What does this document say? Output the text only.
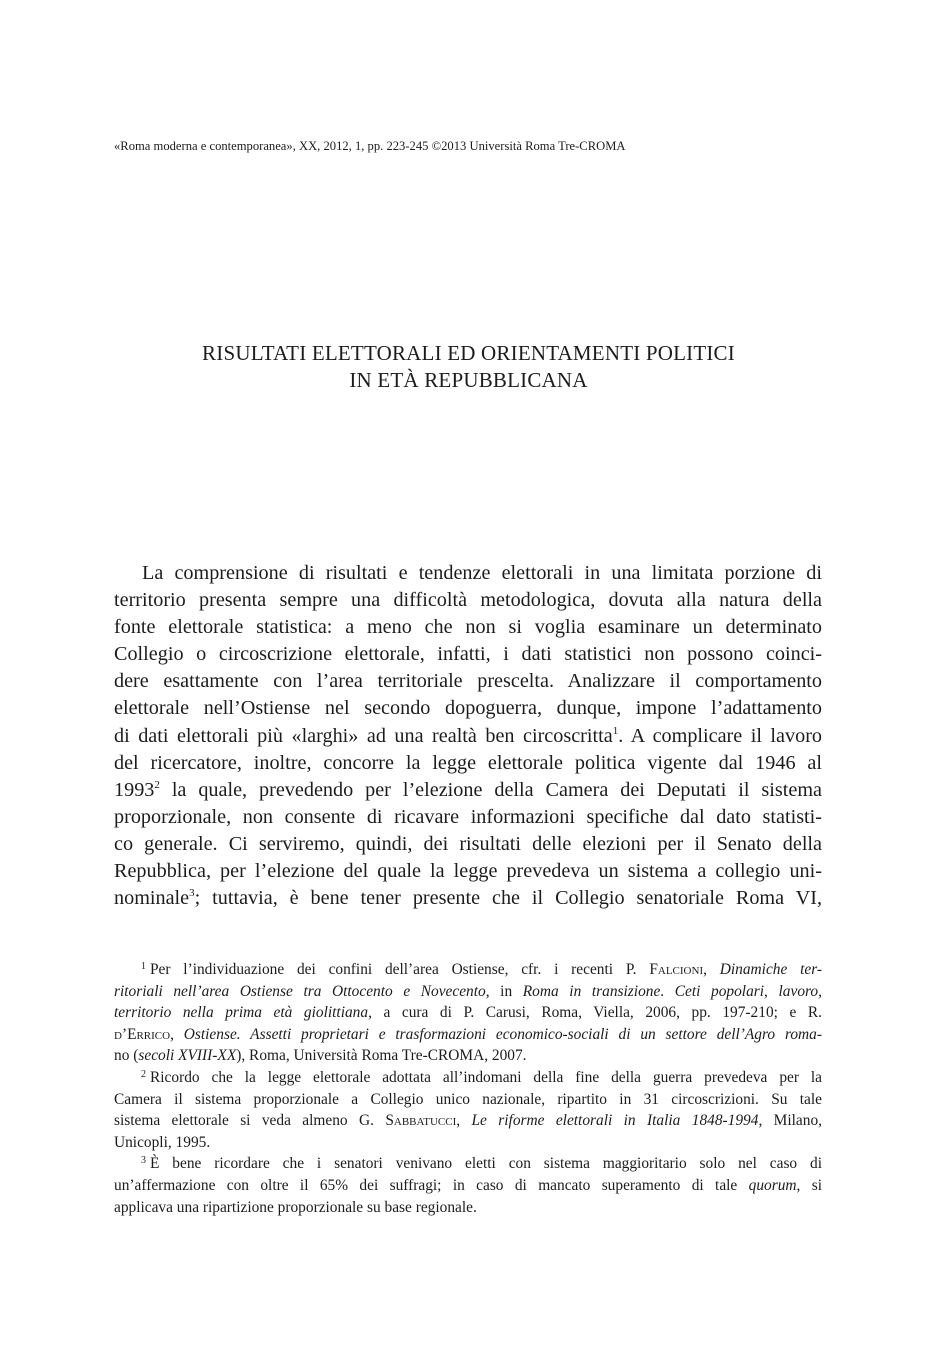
«Roma moderna e contemporanea», XX, 2012, 1, pp. 223-245 ©2013 Università Roma Tre-CROMA
RISULTATI ELETTORALI ED ORIENTAMENTI POLITICI
IN ETÀ REPUBBLICANA
La comprensione di risultati e tendenze elettorali in una limitata porzione di
territorio presenta sempre una difficoltà metodologica, dovuta alla natura della
fonte elettorale statistica: a meno che non si voglia esaminare un determinato
Collegio o circoscrizione elettorale, infatti, i dati statistici non possono coinci-
dere esattamente con l’area territoriale prescelta. Analizzare il comportamento
elettorale nell’Ostiense nel secondo dopoguerra, dunque, impone l’adattamento
di dati elettorali più «larghi» ad una realtà ben circoscritta$^1$. A complicare il lavoro
del ricercatore, inoltre, concorre la legge elettorale politica vigente dal 1946 al
1993$^2$ la quale, prevedendo per l’elezione della Camera dei Deputati il sistema
proporzionale, non consente di ricavare informazioni specifiche dal dato statisti-
co generale. Ci serviremo, quindi, dei risultati delle elezioni per il Senato della
Repubblica, per l’elezione del quale la legge prevedeva un sistema a collegio uni-
nominale$^3$; tuttavia, è bene tener presente che il Collegio senatoriale Roma VI,
$^1$ Per l’individuazione dei confini dell’area Ostiense, cfr. i recenti P. Falcioni, Dinamiche ter-
ritoriali nell’area Ostiense tra Ottocento e Novecento, in Roma in transizione. Ceti popolari, lavoro,
territorio nella prima età giolittiana, a cura di P. Carusi, Roma, Viella, 2006, pp. 197-210; e R.
d’Errico, Ostiense. Assetti proprietari e trasformazioni economico-sociali di un settore dell’Agro roma-
no (secoli XVIII-XX), Roma, Università Roma Tre-CROMA, 2007.
$^2$ Ricordo che la legge elettorale adottata all’indomani della fine della guerra prevedeva per la
Camera il sistema proporzionale a Collegio unico nazionale, ripartito in 31 circoscrizioni. Su tale
sistema elettorale si veda almeno G. Sabbatucci, Le riforme elettorali in Italia 1848-1994, Milano,
Unicopli, 1995.
$^3$ È bene ricordare che i senatori venivano eletti con sistema maggioritario solo nel caso di
un’affermazione con oltre il 65% dei suffragi; in caso di mancato superamento di tale quorum, si
applicava una ripartizione proporzionale su base regionale.
